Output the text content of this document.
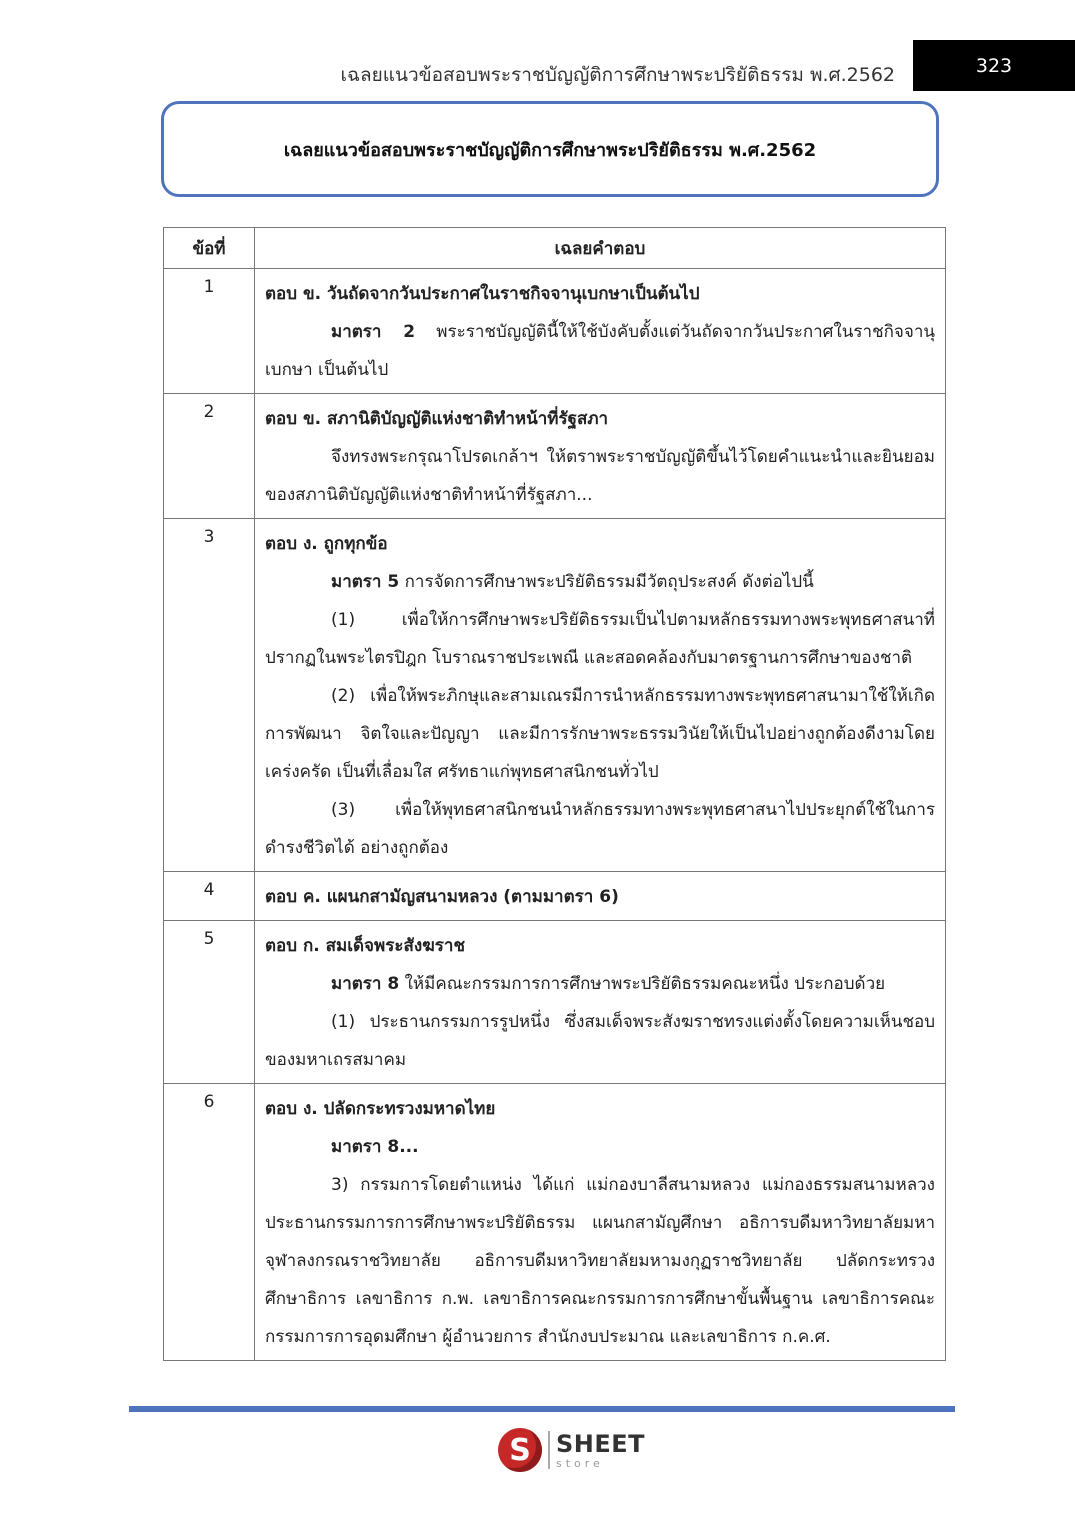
เฉลยแนวข้อสอบพระราชบัญญัติการศึกษาพระปริยัติธรรม พ.ศ.2562	323
เฉลยแนวข้อสอบพระราชบัญญัติการศึกษาพระปริยัติธรรม พ.ศ.2562
ข้อที่	เฉลยคำตอบ
1	ตอบ ข. วันถัดจากวันประกาศในราชกิจจานุเบกษาเป็นต้นไป

มาตรา 2 พระราชบัญญัตินี้ให้ใช้บังคับตั้งแต่วันถัดจากวันประกาศในราชกิจจานุเบกษา เป็นต้นไป

2	ตอบ ข. สภานิติบัญญัติแห่งชาติทำหน้าที่รัฐสภา

จึงทรงพระกรุณาโปรดเกล้าฯ ให้ตราพระราชบัญญัติขึ้นไว้โดยคำแนะนำและยินยอมของสภานิติบัญญัติแห่งชาติทำหน้าที่รัฐสภา...

3	ตอบ ง. ถูกทุกข้อ

มาตรา 5 การจัดการศึกษาพระปริยัติธรรมมีวัตถุประสงค์ ดังต่อไปนี้

(1) เพื่อให้การศึกษาพระปริยัติธรรมเป็นไปตามหลักธรรมทางพระพุทธศาสนาที่ปรากฏในพระไตรปิฎก โบราณราชประเพณี และสอดคล้องกับมาตรฐานการศึกษาของชาติ

(2) เพื่อให้พระภิกษุและสามเณรมีการนำหลักธรรมทางพระพุทธศาสนามาใช้ให้เกิดการพัฒนา จิตใจและปัญญา และมีการรักษาพระธรรมวินัยให้เป็นไปอย่างถูกต้องดีงามโดยเคร่งครัด เป็นที่เลื่อมใส ศรัทธาแก่พุทธศาสนิกชนทั่วไป

(3) เพื่อให้พุทธศาสนิกชนนำหลักธรรมทางพระพุทธศาสนาไปประยุกต์ใช้ในการดำรงชีวิตได้ อย่างถูกต้อง

4	ตอบ ค. แผนกสามัญสนามหลวง (ตามมาตรา 6)

5	ตอบ ก. สมเด็จพระสังฆราช

มาตรา 8 ให้มีคณะกรรมการการศึกษาพระปริยัติธรรมคณะหนึ่ง ประกอบด้วย

(1) ประธานกรรมการรูปหนึ่ง ซึ่งสมเด็จพระสังฆราชทรงแต่งตั้งโดยความเห็นชอบของมหาเถรสมาคม

6	ตอบ ง. ปลัดกระทรวงมหาดไทย

มาตรา 8...

3) กรรมการโดยตำแหน่ง ได้แก่ แม่กองบาลีสนามหลวง แม่กองธรรมสนามหลวง ประธานกรรมการการศึกษาพระปริยัติธรรม แผนกสามัญศึกษา อธิการบดีมหาวิทยาลัยมหาจุฬาลงกรณราชวิทยาลัย อธิการบดีมหาวิทยาลัยมหามงกุฏราชวิทยาลัย ปลัดกระทรวงศึกษาธิการ เลขาธิการ ก.พ. เลขาธิการคณะกรรมการการศึกษาขั้นพื้นฐาน เลขาธิการคณะกรรมการการอุดมศึกษา ผู้อำนวยการ สำนักงบประมาณ และเลขาธิการ ก.ค.ศ.

S	SHEET
store
